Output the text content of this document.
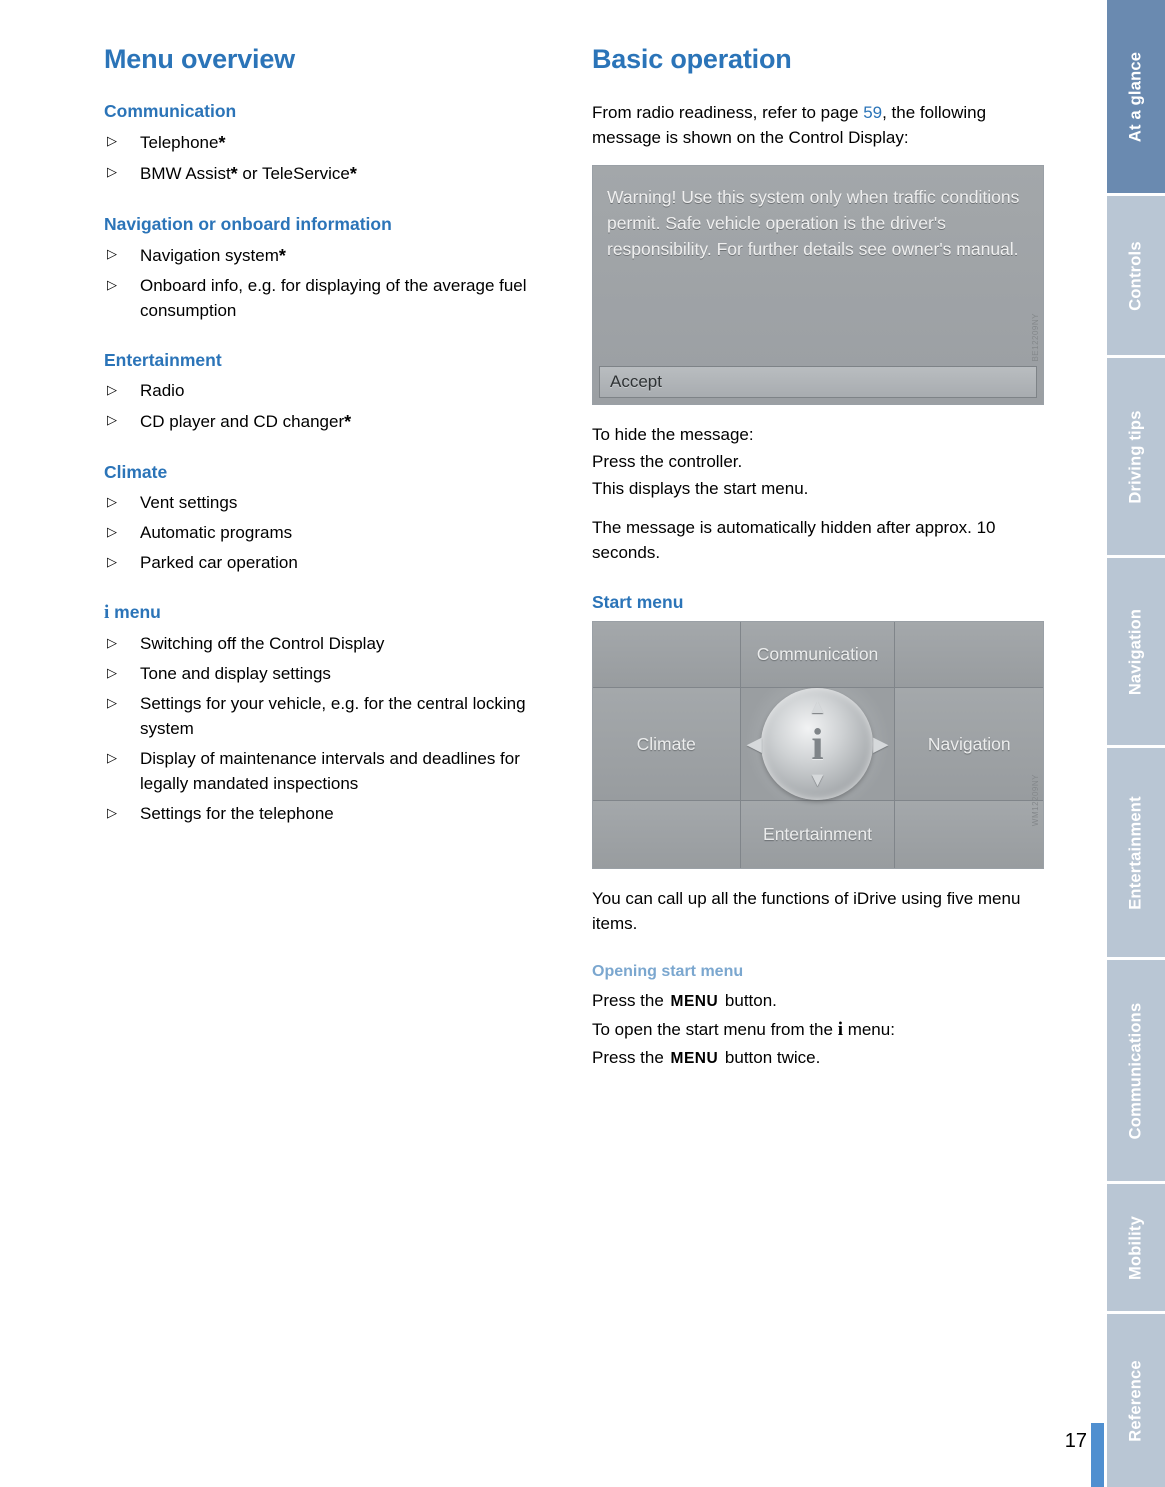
Menu overview
Communication
▷ Telephone*
▷ BMW Assist* or TeleService*
Navigation or onboard information
▷ Navigation system*
▷ Onboard info, e.g. for displaying of the average fuel consumption
Entertainment
▷ Radio
▷ CD player and CD changer*
Climate
▷ Vent settings
▷ Automatic programs
▷ Parked car operation
i menu
▷ Switching off the Control Display
▷ Tone and display settings
▷ Settings for your vehicle, e.g. for the central locking system
▷ Display of maintenance intervals and deadlines for legally mandated inspections
▷ Settings for the telephone
Basic operation

From radio readiness, refer to page 59, the following message is shown on the Control Display:

Warning! Use this system only when traffic conditions permit. Safe vehicle operation is the driver's responsibility. For further details see owner's manual.
Accept
BE12209NY

To hide the message:

Press the controller.

This displays the start menu.

The message is automatically hidden after approx. 10 seconds.

Start menu
Communication
Climate
▲
▼
◀	▶
i	Navigation
Entertainment
WM12209NY

You can call up all the functions of iDrive using five menu items.

Opening start menu

Press the MENU button.

To open the start menu from the i menu:

Press the MENU button twice.

At a glance
Controls
Driving tips
Navigation
Entertainment
Communications
Mobility
Reference
17
